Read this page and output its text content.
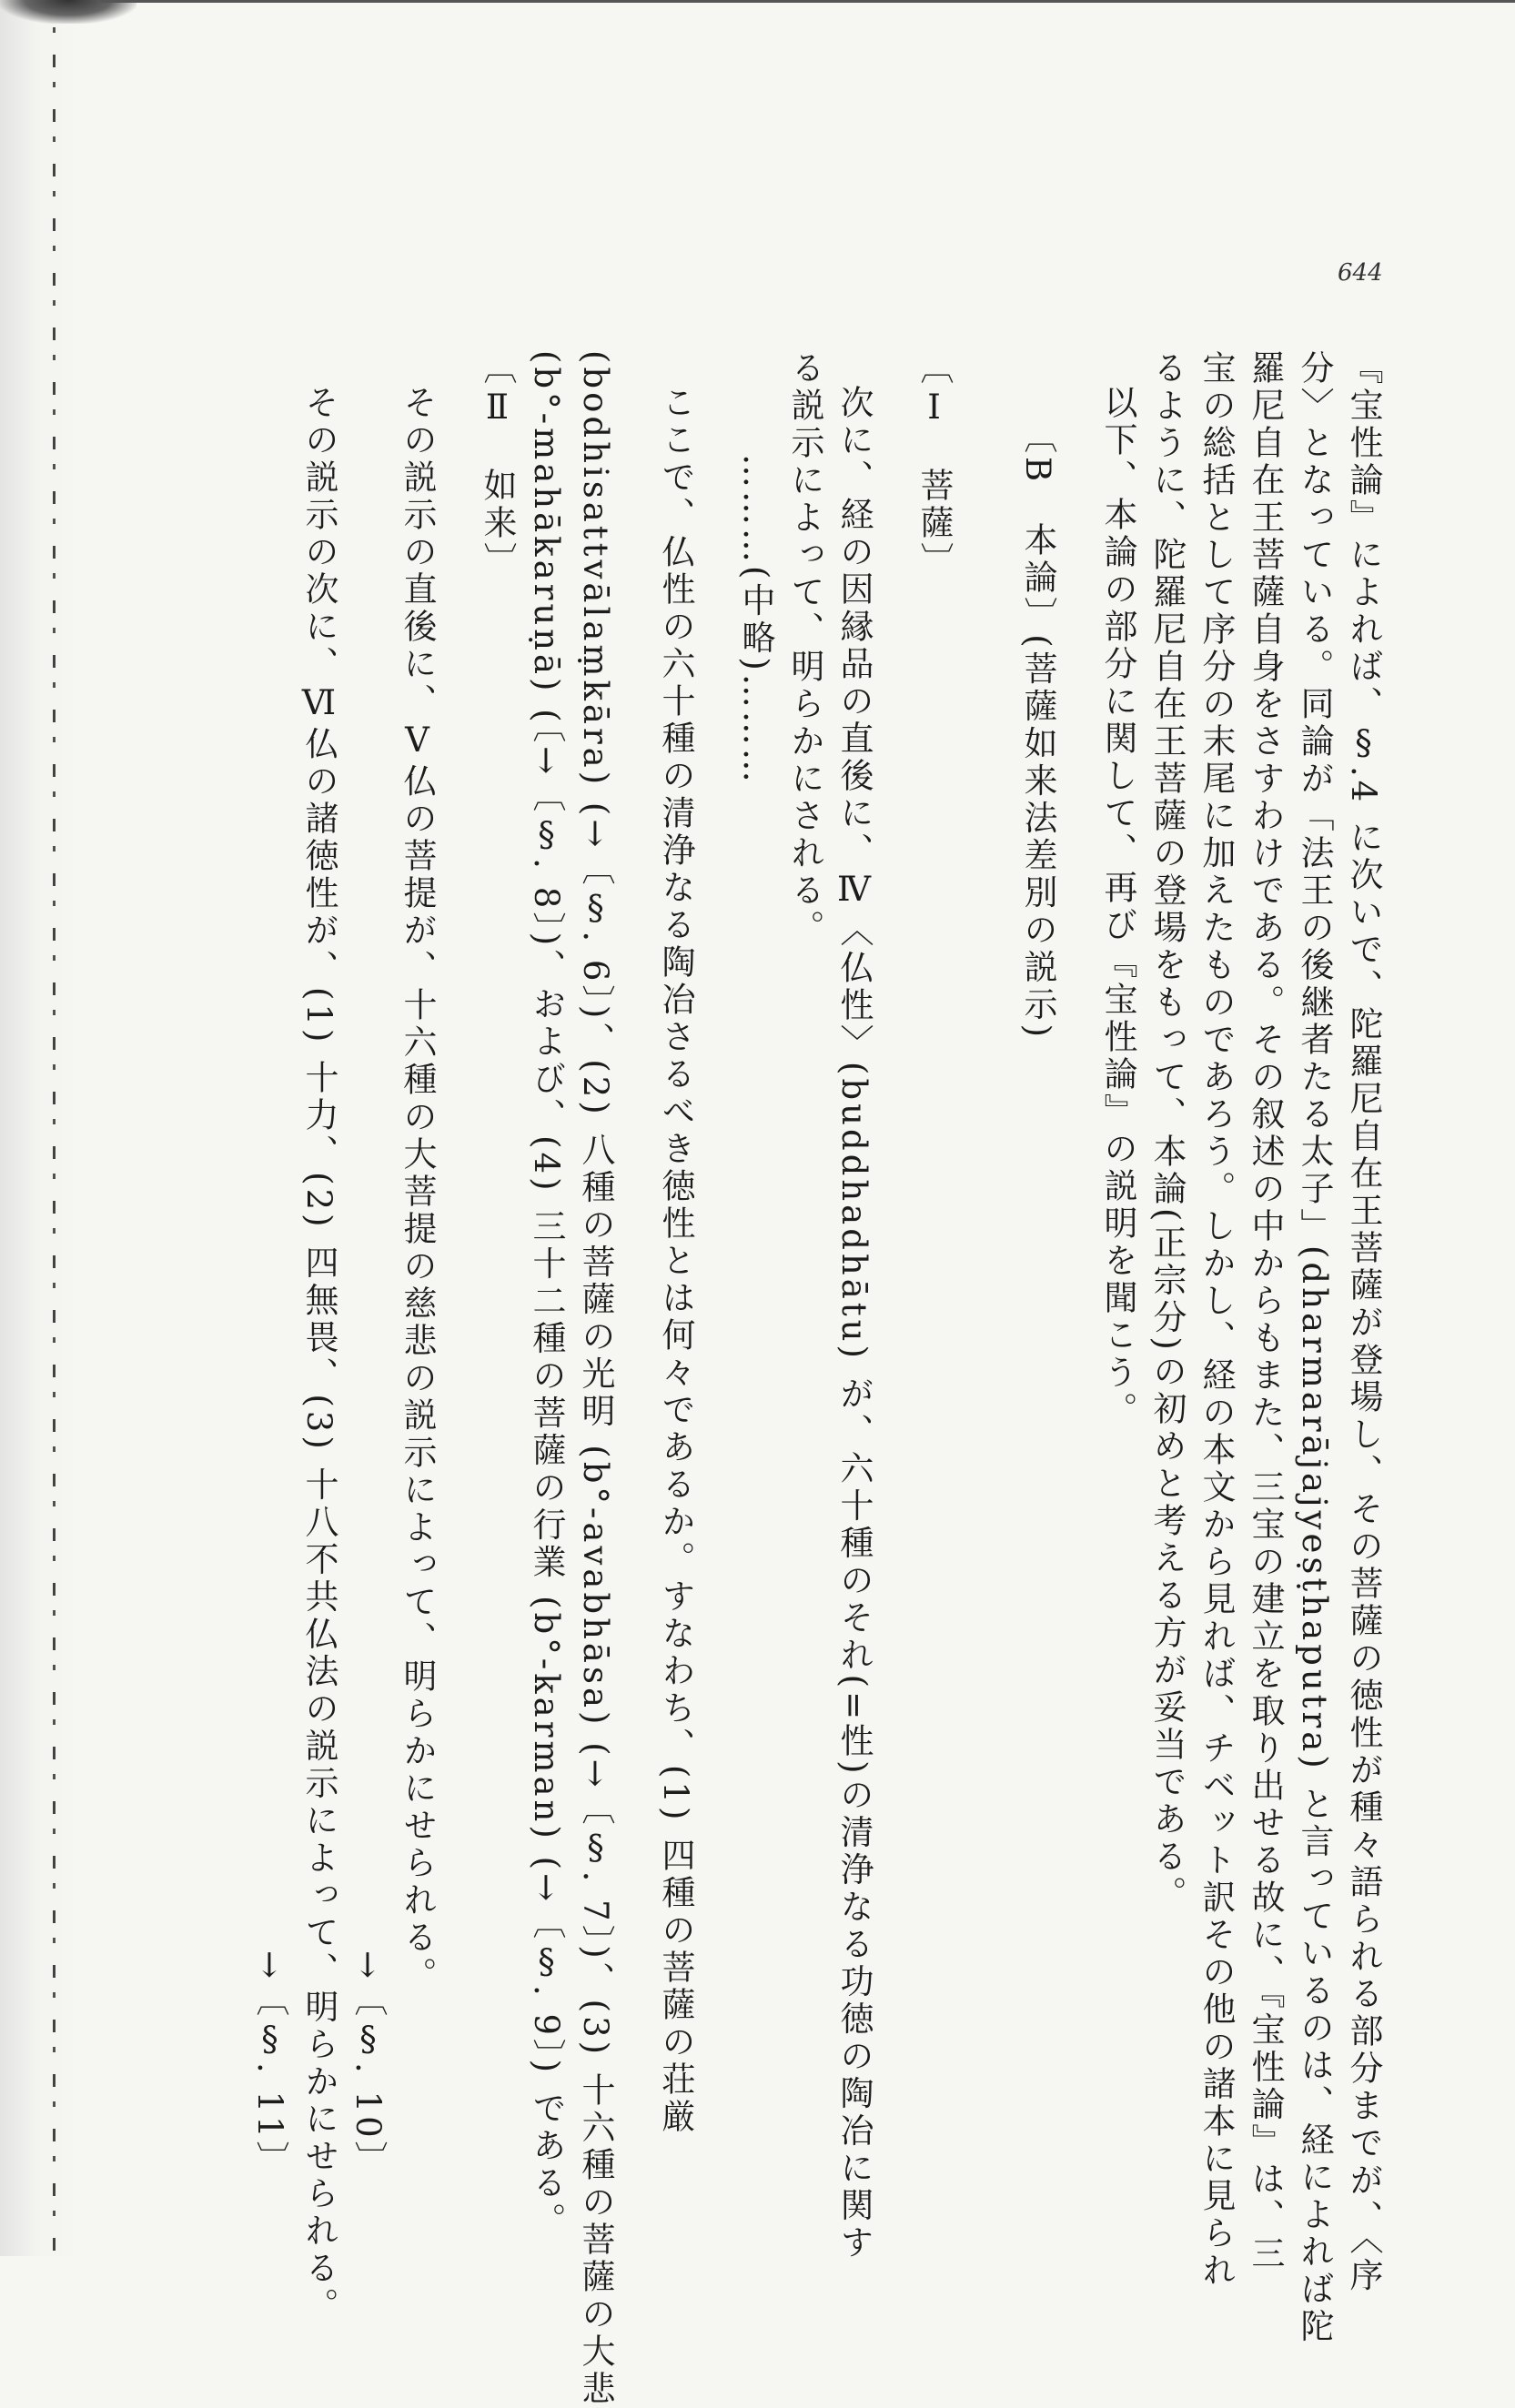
644
『宝性論』によれば、§.4 に次いで、陀羅尼自在王菩薩が登場し、その菩薩の徳性が種々語られる部分までが、〈序
分〉となっている。同論が「法王の後継者たる太子」(dharmarājajyeṣṭhaputra) と言っているのは、経によれば陀
羅尼自在王菩薩自身をさすわけである。その叙述の中からもまた、三宝の建立を取り出せる故に、『宝性論』は、三
宝の総括として序分の末尾に加えたものであろう。しかし、経の本文から見れば、チベット訳その他の諸本に見られ
るように、陀羅尼自在王菩薩の登場をもって、本論(正宗分)の初めと考える方が妥当である。
以下、本論の部分に関して、再び『宝性論』の説明を聞こう。
〔B　本論〕(菩薩如来法差別の説示)
〔Ⅰ　菩薩〕
次に、経の因縁品の直後に、Ⅳ〈仏性〉(buddhadhātu) が、六十種のそれ(=性)の清浄なる功徳の陶冶に関す
る説示によって、明らかにされる。
………(中略)………
ここで、仏性の六十種の清浄なる陶冶さるべき徳性とは何々であるか。すなわち、(1) 四種の菩薩の荘厳
(bodhisattvālaṃkāra) (→〔§. 6〕)、(2) 八種の菩薩の光明 (b°-avabhāsa) (→〔§. 7〕)、(3) 十六種の菩薩の大悲
(b°-mahākaruṇā) (〔→〔§. 8〕)、および、(4) 三十二種の菩薩の行業 (b°-karman) (→〔§. 9〕) である。
〔Ⅱ　如来〕
その説示の直後に、Ⅴ仏の菩提が、十六種の大菩提の慈悲の説示によって、明らかにせられる。
→〔§. 10〕
その説示の次に、Ⅵ仏の諸徳性が、(1) 十力、(2) 四無畏、(3) 十八不共仏法の説示によって、明らかにせられる。
→〔§. 11〕
